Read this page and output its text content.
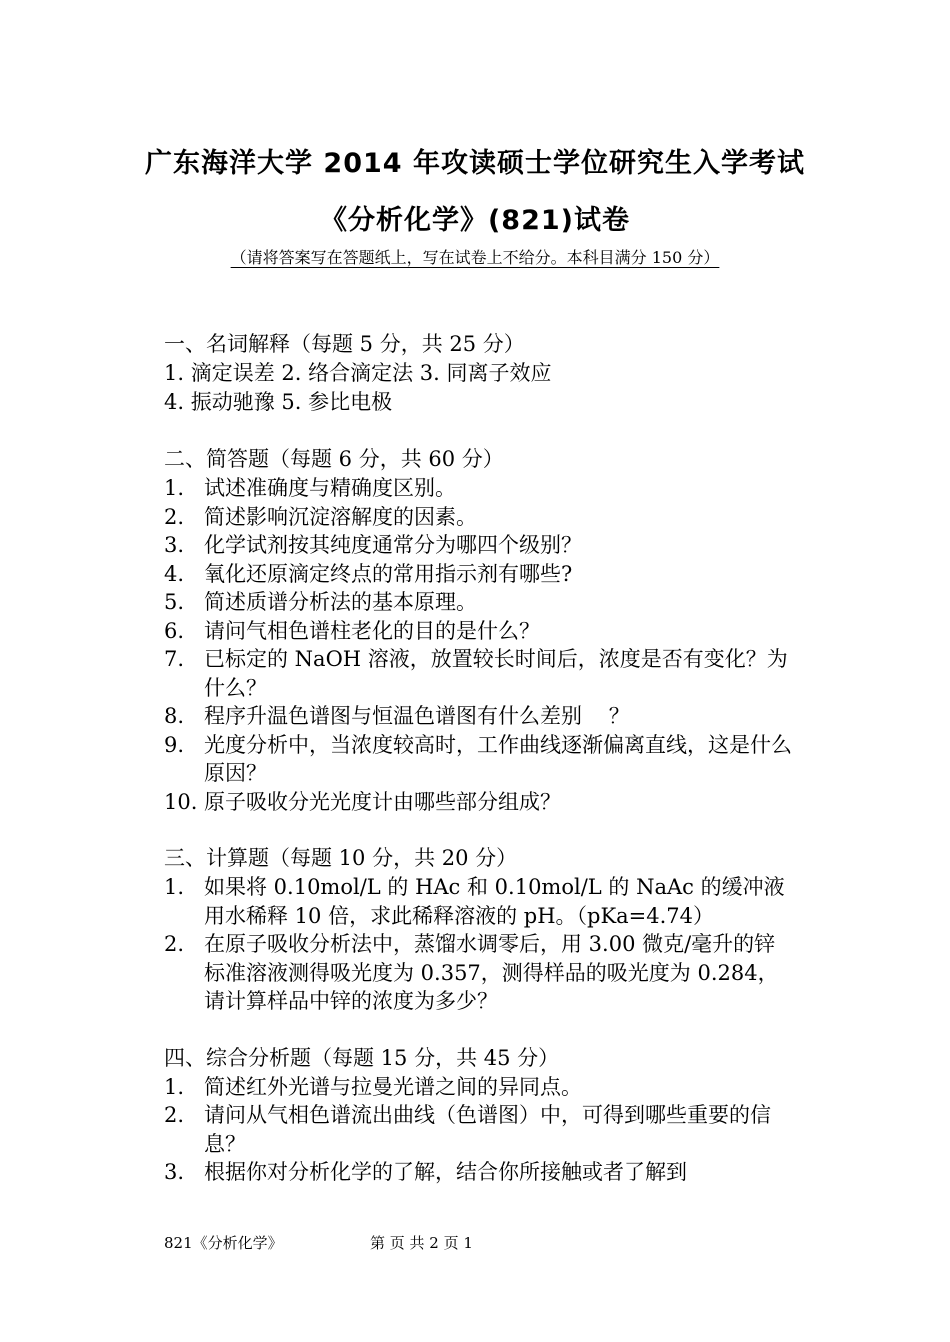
广东海洋大学 2014 年攻读硕士学位研究生入学考试
《分析化学》(821)试卷
（请将答案写在答题纸上，写在试卷上不给分。本科目满分 150 分）
一、名词解释（每题 5 分，共 25 分）
1. 滴定误差 2. 络合滴定法 3. 同离子效应
4. 振动驰豫 5. 参比电极
二、简答题（每题 6 分，共 60 分）
1. 试述准确度与精确度区别。
2. 简述影响沉淀溶解度的因素。
3. 化学试剂按其纯度通常分为哪四个级别？
4. 氧化还原滴定终点的常用指示剂有哪些?
5. 简述质谱分析法的基本原理。
6. 请问气相色谱柱老化的目的是什么？
7. 已标定的 NaOH 溶液，放置较长时间后，浓度是否有变化？为什么？
8. 程序升温色谱图与恒温色谱图有什么差别    ？
9. 光度分析中，当浓度较高时，工作曲线逐渐偏离直线，这是什么原因？
10. 原子吸收分光光度计由哪些部分组成？
三、计算题（每题 10 分，共 20 分）
1. 如果将 0.10mol/L 的 HAc 和 0.10mol/L 的 NaAc 的缓冲液用水稀释 10 倍，求此稀释溶液的 pH。（pKa=4.74）
2. 在原子吸收分析法中，蒸馏水调零后，用 3.00 微克/毫升的锌标准溶液测得吸光度为 0.357，测得样品的吸光度为 0.284，请计算样品中锌的浓度为多少？
四、综合分析题（每题 15 分，共 45 分）
1. 简述红外光谱与拉曼光谱之间的异同点。
2. 请问从气相色谱流出曲线（色谱图）中，可得到哪些重要的信息？
3. 根据你对分析化学的了解，结合你所接触或者了解到
821《分析化学》	第 页 共 2 页 1
